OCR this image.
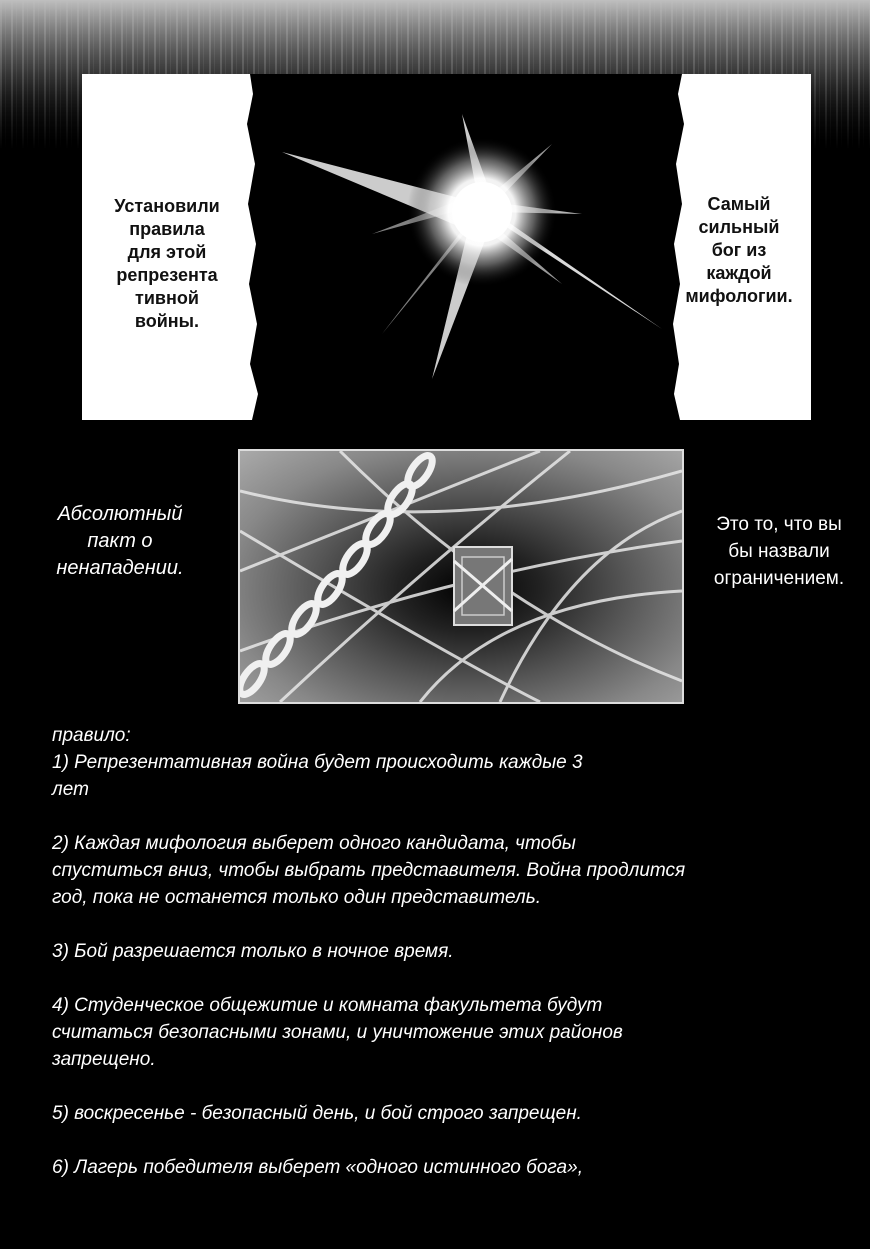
Установили
правила
для этой
репрезента
тивной
войны.
Самый
сильный
бог из
каждой
мифологии.
Абсолютный
пакт о
ненападении.
Это то, что вы
бы назвали
ограничением.

правило:

1) Репрезентативная война будет происходить каждые 3

лет

2) Каждая мифология выберет одного кандидата, чтобы

спуститься вниз, чтобы выбрать представителя. Война продлится

год, пока не останется только один представитель.

3) Бой разрешается только в ночное время.

4) Студенческое общежитие и комната факультета будут

считаться безопасными зонами, и уничтожение этих районов

запрещено.

5) воскресенье - безопасный день, и бой строго запрещен.

6) Лагерь победителя выберет «одного истинного бога»,
